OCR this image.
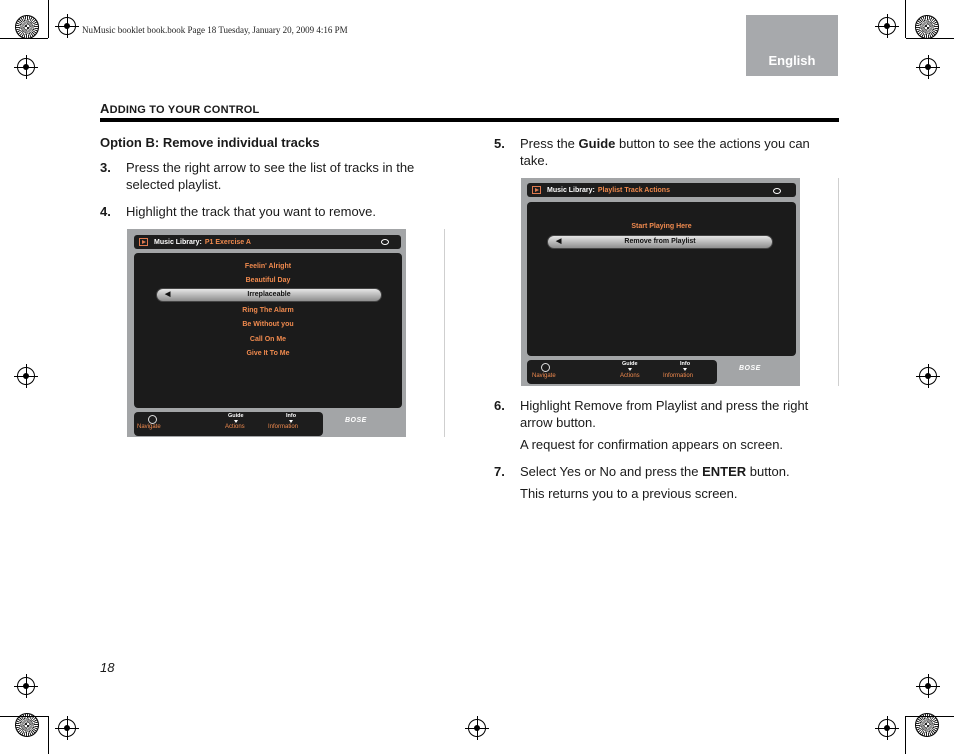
NuMusic booklet book.book Page 18 Tuesday, January 20, 2009 4:16 PM
English
ADDING TO YOUR CONTROL
Option B: Remove individual tracks
3. Press the right arrow to see the list of tracks in the
selected playlist.
4. Highlight the track that you want to remove.
Music Library: P1 Exercise A
Feelin' Alright
Beautiful Day
◀	Irreplaceable
Ring The Alarm
Be Without you
Call On Me
Give It To Me
Navigate
Guide
Actions
Info
Information
BOSE
5. Press the Guide button to see the actions you can
take.
Music Library: Playlist Track Actions
Start Playing Here
◀	Remove from Playlist
Navigate
Guide
Actions
Info
Information
BOSE
6. Highlight Remove from Playlist and press the right
arrow button.
A request for confirmation appears on screen.
7. Select Yes or No and press the ENTER button.
This returns you to a previous screen.
18
